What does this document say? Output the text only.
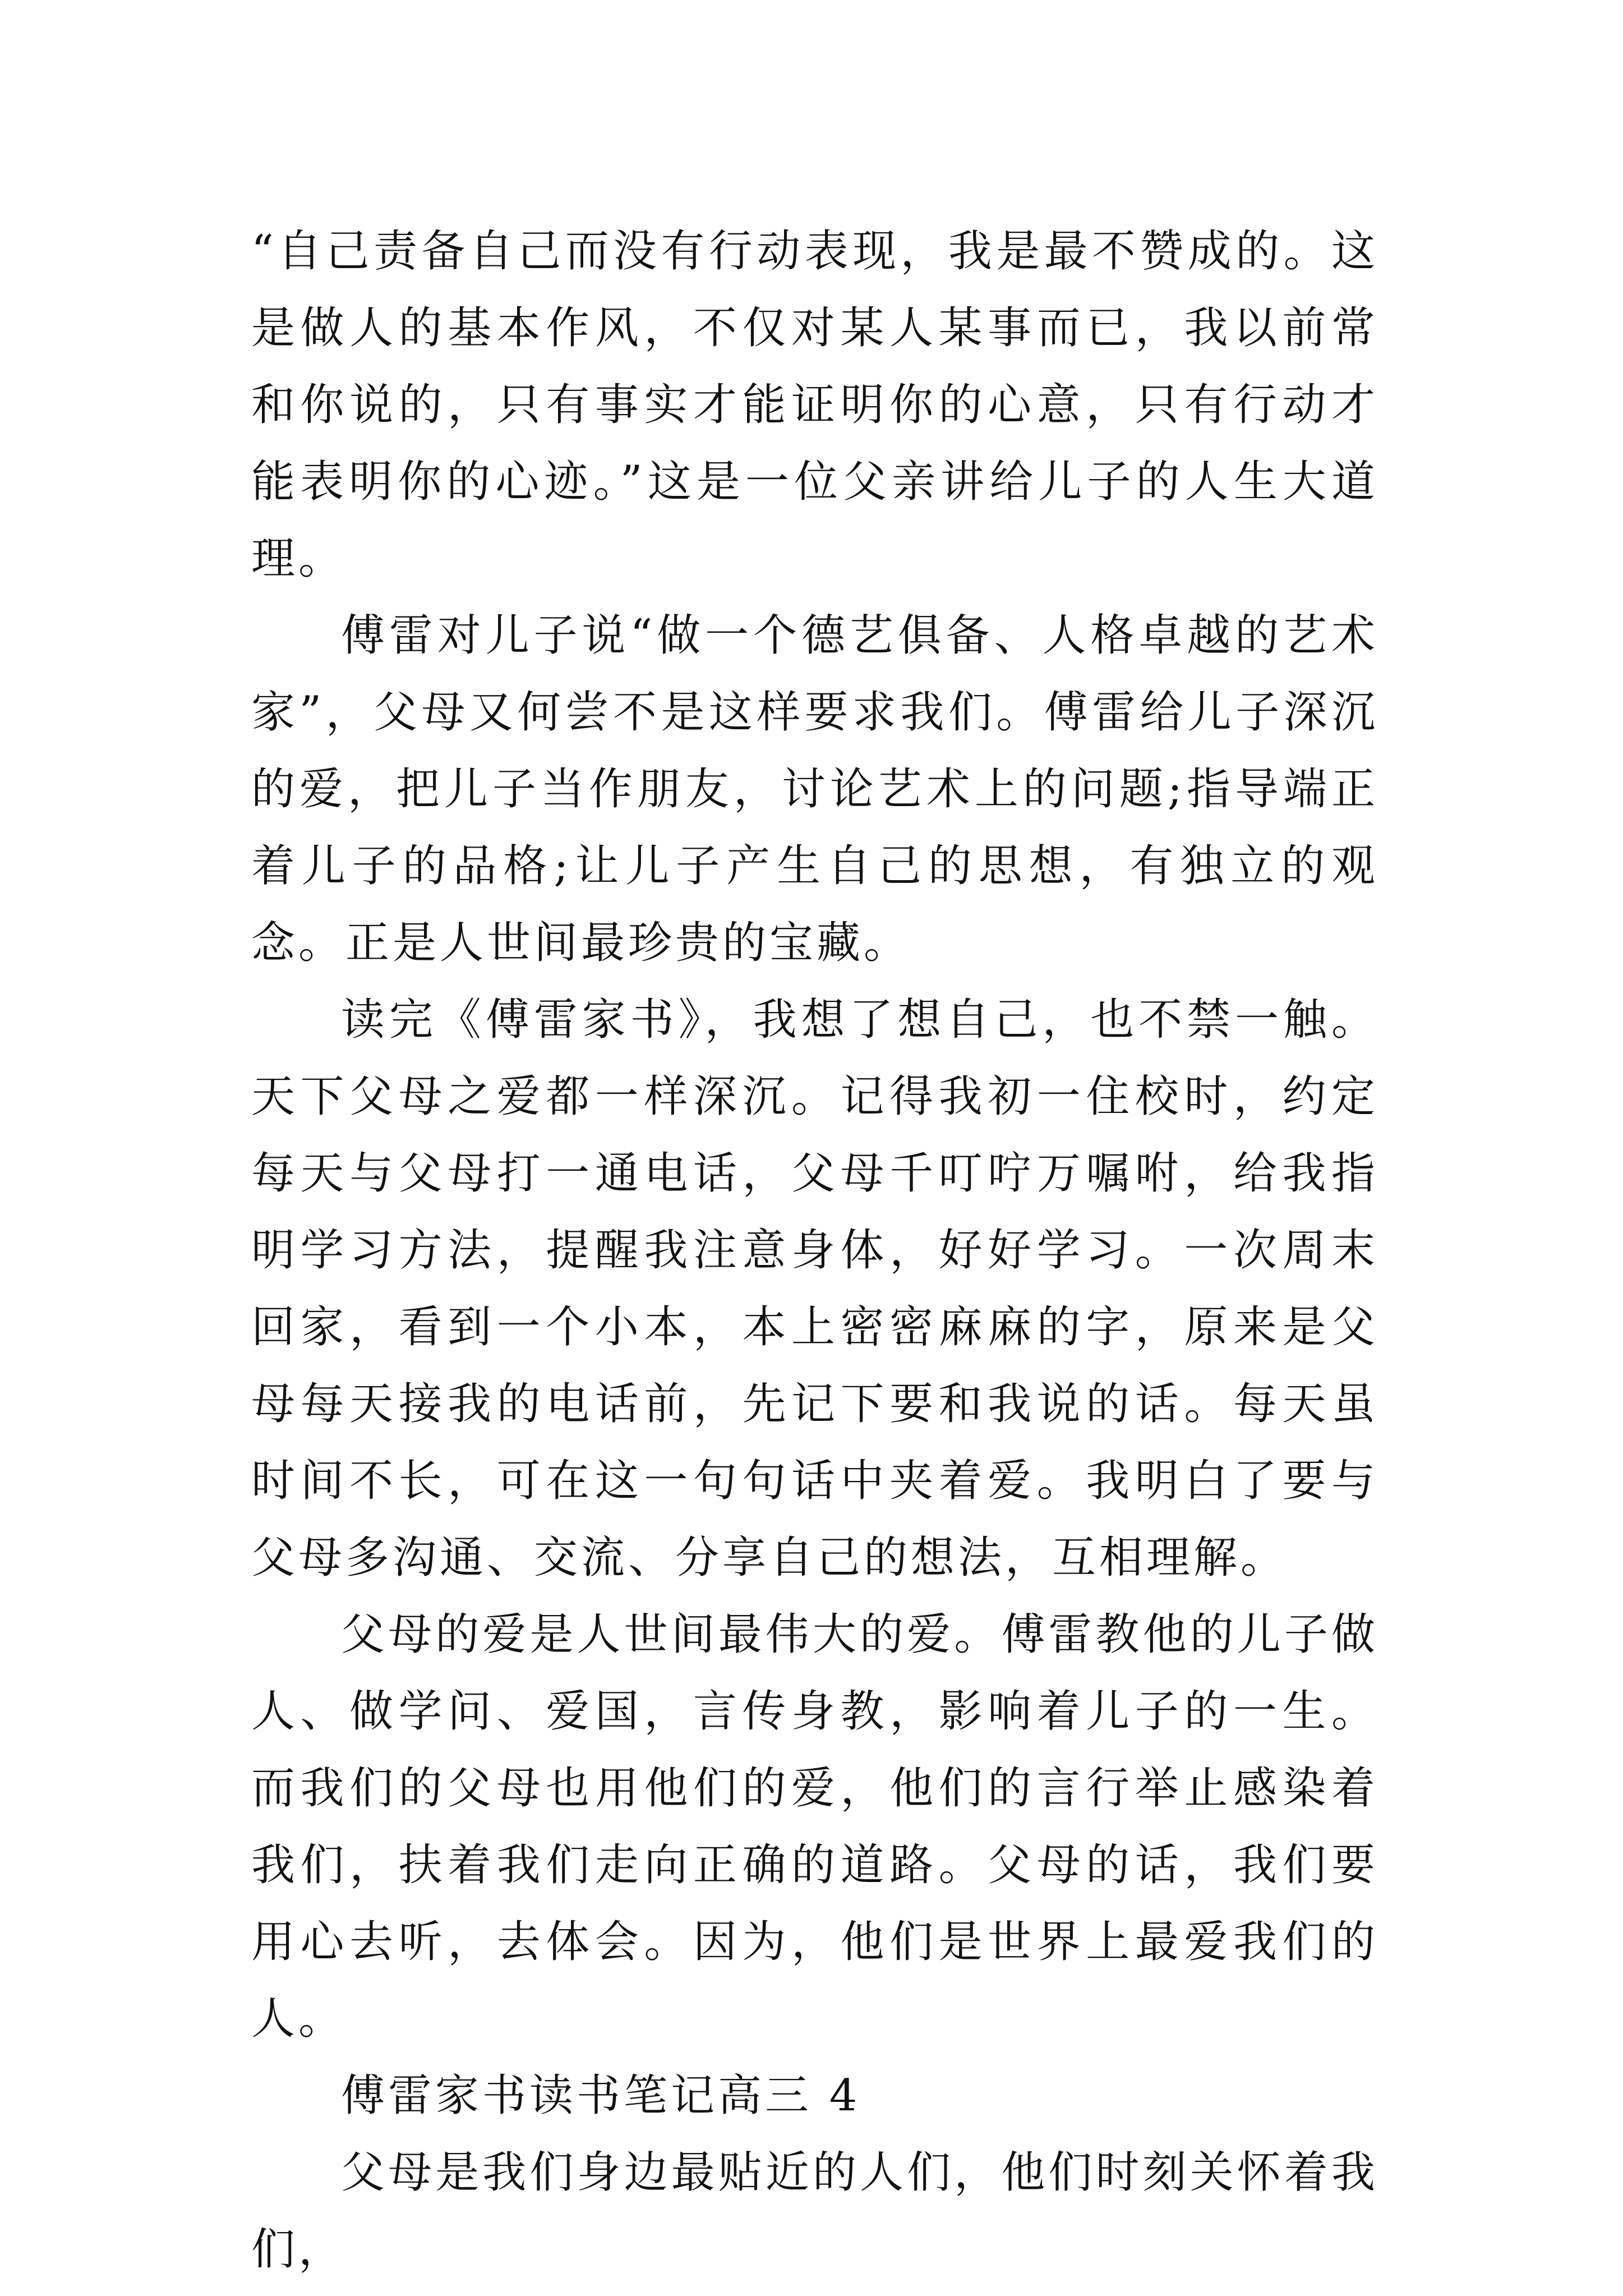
“自己责备自己而没有行动表现，我是最不赞成的。这是做人的基本作风，不仅对某人某事而已，我以前常和你说的，只有事实才能证明你的心意，只有行动才能表明你的心迹。”这是一位父亲讲给儿子的人生大道理。

傅雷对儿子说“做一个德艺俱备、人格卓越的艺术家”，父母又何尝不是这样要求我们。傅雷给儿子深沉的爱，把儿子当作朋友，讨论艺术上的问题;指导端正着儿子的品格;让儿子产生自己的思想，有独立的观念。正是人世间最珍贵的宝藏。

读完《傅雷家书》，我想了想自己，也不禁一触。天下父母之爱都一样深沉。记得我初一住校时，约定每天与父母打一通电话，父母千叮咛万嘱咐，给我指明学习方法，提醒我注意身体，好好学习。一次周末回家，看到一个小本，本上密密麻麻的字，原来是父母每天接我的电话前，先记下要和我说的话。每天虽时间不长，可在这一句句话中夹着爱。我明白了要与父母多沟通、交流、分享自己的想法，互相理解。

父母的爱是人世间最伟大的爱。傅雷教他的儿子做人、做学问、爱国，言传身教，影响着儿子的一生。而我们的父母也用他们的爱，他们的言行举止感染着我们，扶着我们走向正确的道路。父母的话，我们要用心去听，去体会。因为，他们是世界上最爱我们的人。

傅雷家书读书笔记高三 4

父母是我们身边最贴近的人们，他们时刻关怀着我们，
